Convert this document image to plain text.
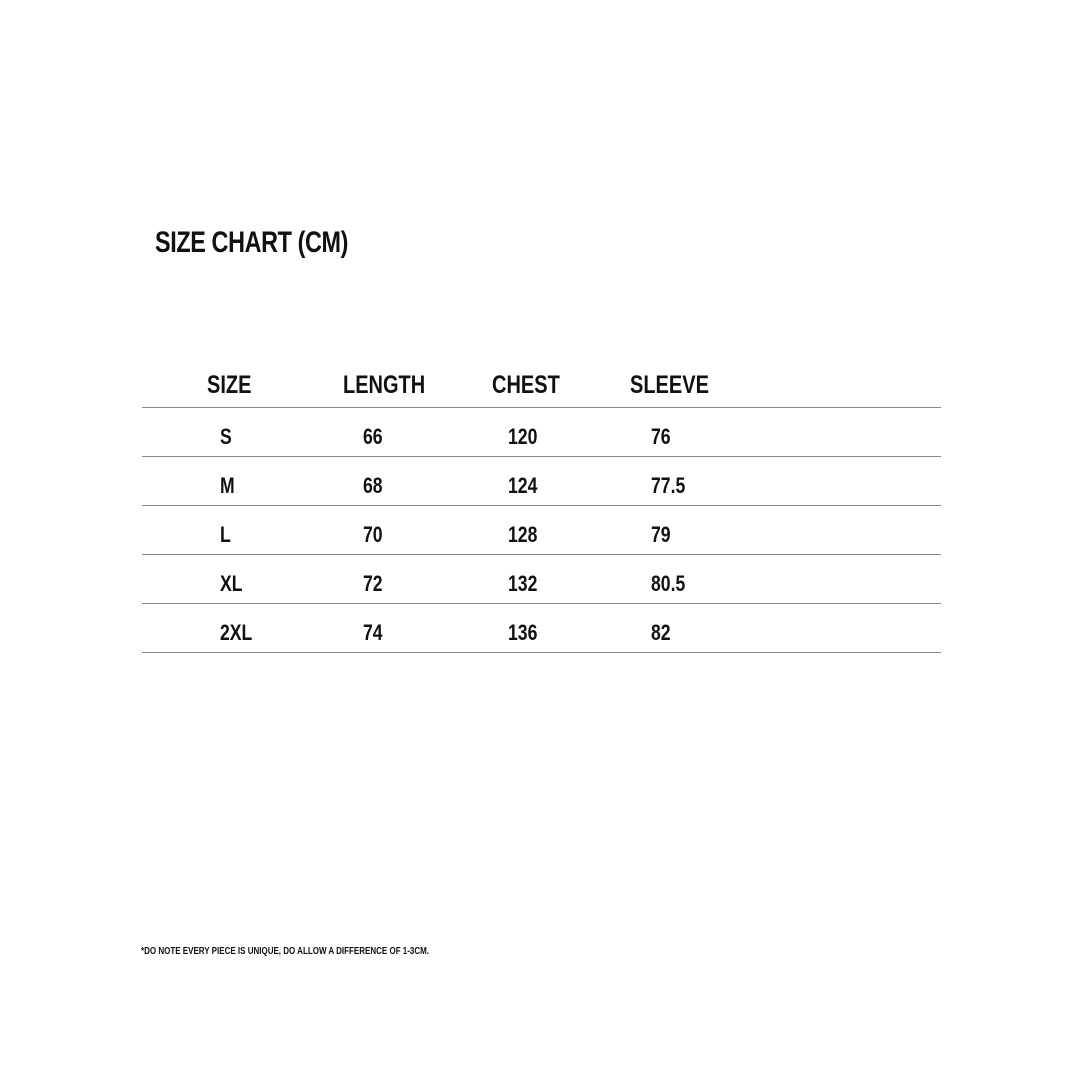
SIZE CHART (CM)
SIZE	LENGTH	CHEST	SLEEVE
S	66	120	76
M	68	124	77.5
L	70	128	79
XL	72	132	80.5
2XL	74	136	82
*DO NOTE EVERY PIECE IS UNIQUE, DO ALLOW A DIFFERENCE OF 1-3CM.
